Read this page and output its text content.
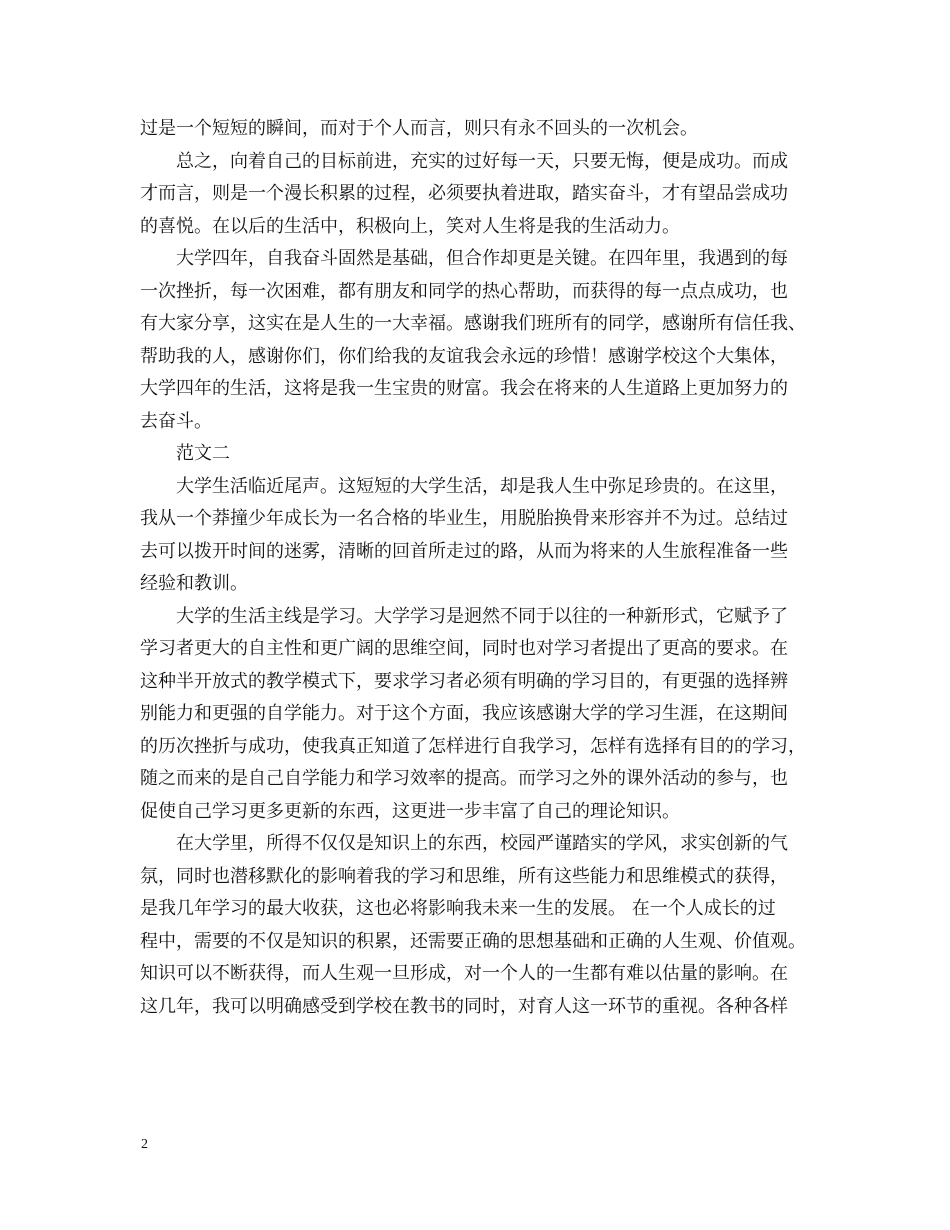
过是一个短短的瞬间，而对于个人而言，则只有永不回头的一次机会。
总之，向着自己的目标前进，充实的过好每一天，只要无悔，便是成功。而成
才而言，则是一个漫长积累的过程，必须要执着进取，踏实奋斗，才有望品尝成功
的喜悦。在以后的生活中，积极向上，笑对人生将是我的生活动力。
大学四年，自我奋斗固然是基础，但合作却更是关键。在四年里，我遇到的每
一次挫折，每一次困难，都有朋友和同学的热心帮助，而获得的每一点点成功，也
有大家分享，这实在是人生的一大幸福。感谢我们班所有的同学，感谢所有信任我、
帮助我的人，感谢你们，你们给我的友谊我会永远的珍惜！感谢学校这个大集体，
大学四年的生活，这将是我一生宝贵的财富。我会在将来的人生道路上更加努力的
去奋斗。
范文二
大学生活临近尾声。这短短的大学生活，却是我人生中弥足珍贵的。在这里，
我从一个莽撞少年成长为一名合格的毕业生，用脱胎换骨来形容并不为过。总结过
去可以拨开时间的迷雾，清晰的回首所走过的路，从而为将来的人生旅程准备一些
经验和教训。
大学的生活主线是学习。大学学习是迥然不同于以往的一种新形式，它赋予了
学习者更大的自主性和更广阔的思维空间，同时也对学习者提出了更高的要求。在
这种半开放式的教学模式下，要求学习者必须有明确的学习目的，有更强的选择辨
别能力和更强的自学能力。对于这个方面，我应该感谢大学的学习生涯，在这期间
的历次挫折与成功，使我真正知道了怎样进行自我学习，怎样有选择有目的的学习，
随之而来的是自己自学能力和学习效率的提高。而学习之外的课外活动的参与，也
促使自己学习更多更新的东西，这更进一步丰富了自己的理论知识。
在大学里，所得不仅仅是知识上的东西，校园严谨踏实的学风，求实创新的气
氛，同时也潜移默化的影响着我的学习和思维，所有这些能力和思维模式的获得，
是我几年学习的最大收获，这也必将影响我未来一生的发展。 在一个人成长的过
程中，需要的不仅是知识的积累，还需要正确的思想基础和正确的人生观、价值观。
知识可以不断获得，而人生观一旦形成，对一个人的一生都有难以估量的影响。在
这几年，我可以明确感受到学校在教书的同时，对育人这一环节的重视。各种各样
2
